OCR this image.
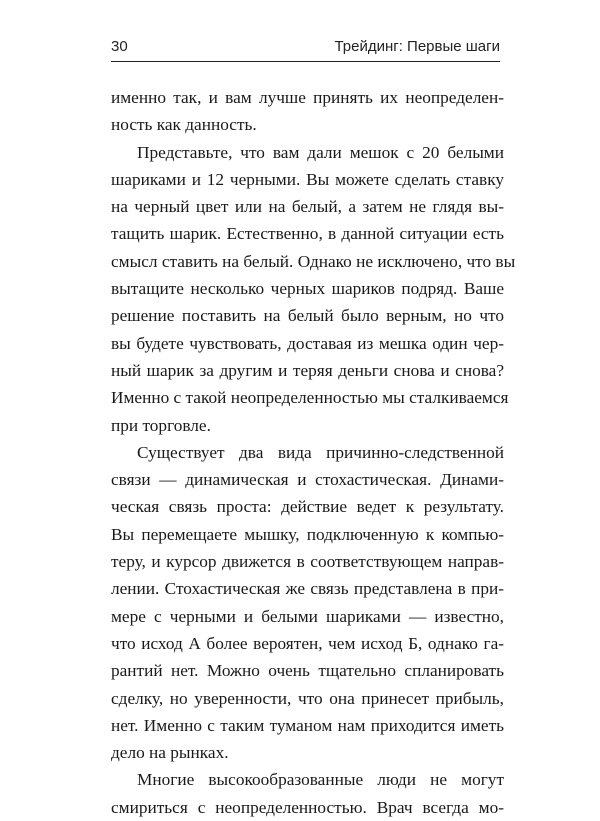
30	Трейдинг: Первые шаги
именно так, и вам лучше принять их неопределен-
ность как данность.
Представьте, что вам дали мешок с 20 белыми
шариками и 12 черными. Вы можете сделать ставку
на черный цвет или на белый, а затем не глядя вы-
тащить шарик. Естественно, в данной ситуации есть
смысл ставить на белый. Однако не исключено, что вы
вытащите несколько черных шариков подряд. Ваше
решение поставить на белый было верным, но что
вы будете чувствовать, доставая из мешка один чер-
ный шарик за другим и теряя деньги снова и снова?
Именно с такой неопределенностью мы сталкиваемся
при торговле.
Существует два вида причинно-следственной
связи — динамическая и стохастическая. Динами-
ческая связь проста: действие ведет к результату.
Вы перемещаете мышку, подключенную к компью-
теру, и курсор движется в соответствующем направ-
лении. Стохастическая же связь представлена в при-
мере с черными и белыми шариками — известно,
что исход А более вероятен, чем исход Б, однако га-
рантий нет. Можно очень тщательно спланировать
сделку, но уверенности, что она принесет прибыль,
нет. Именно с таким туманом нам приходится иметь
дело на рынках.
Многие высокообразованные люди не могут
смириться с неопределенностью. Врач всегда мо-
